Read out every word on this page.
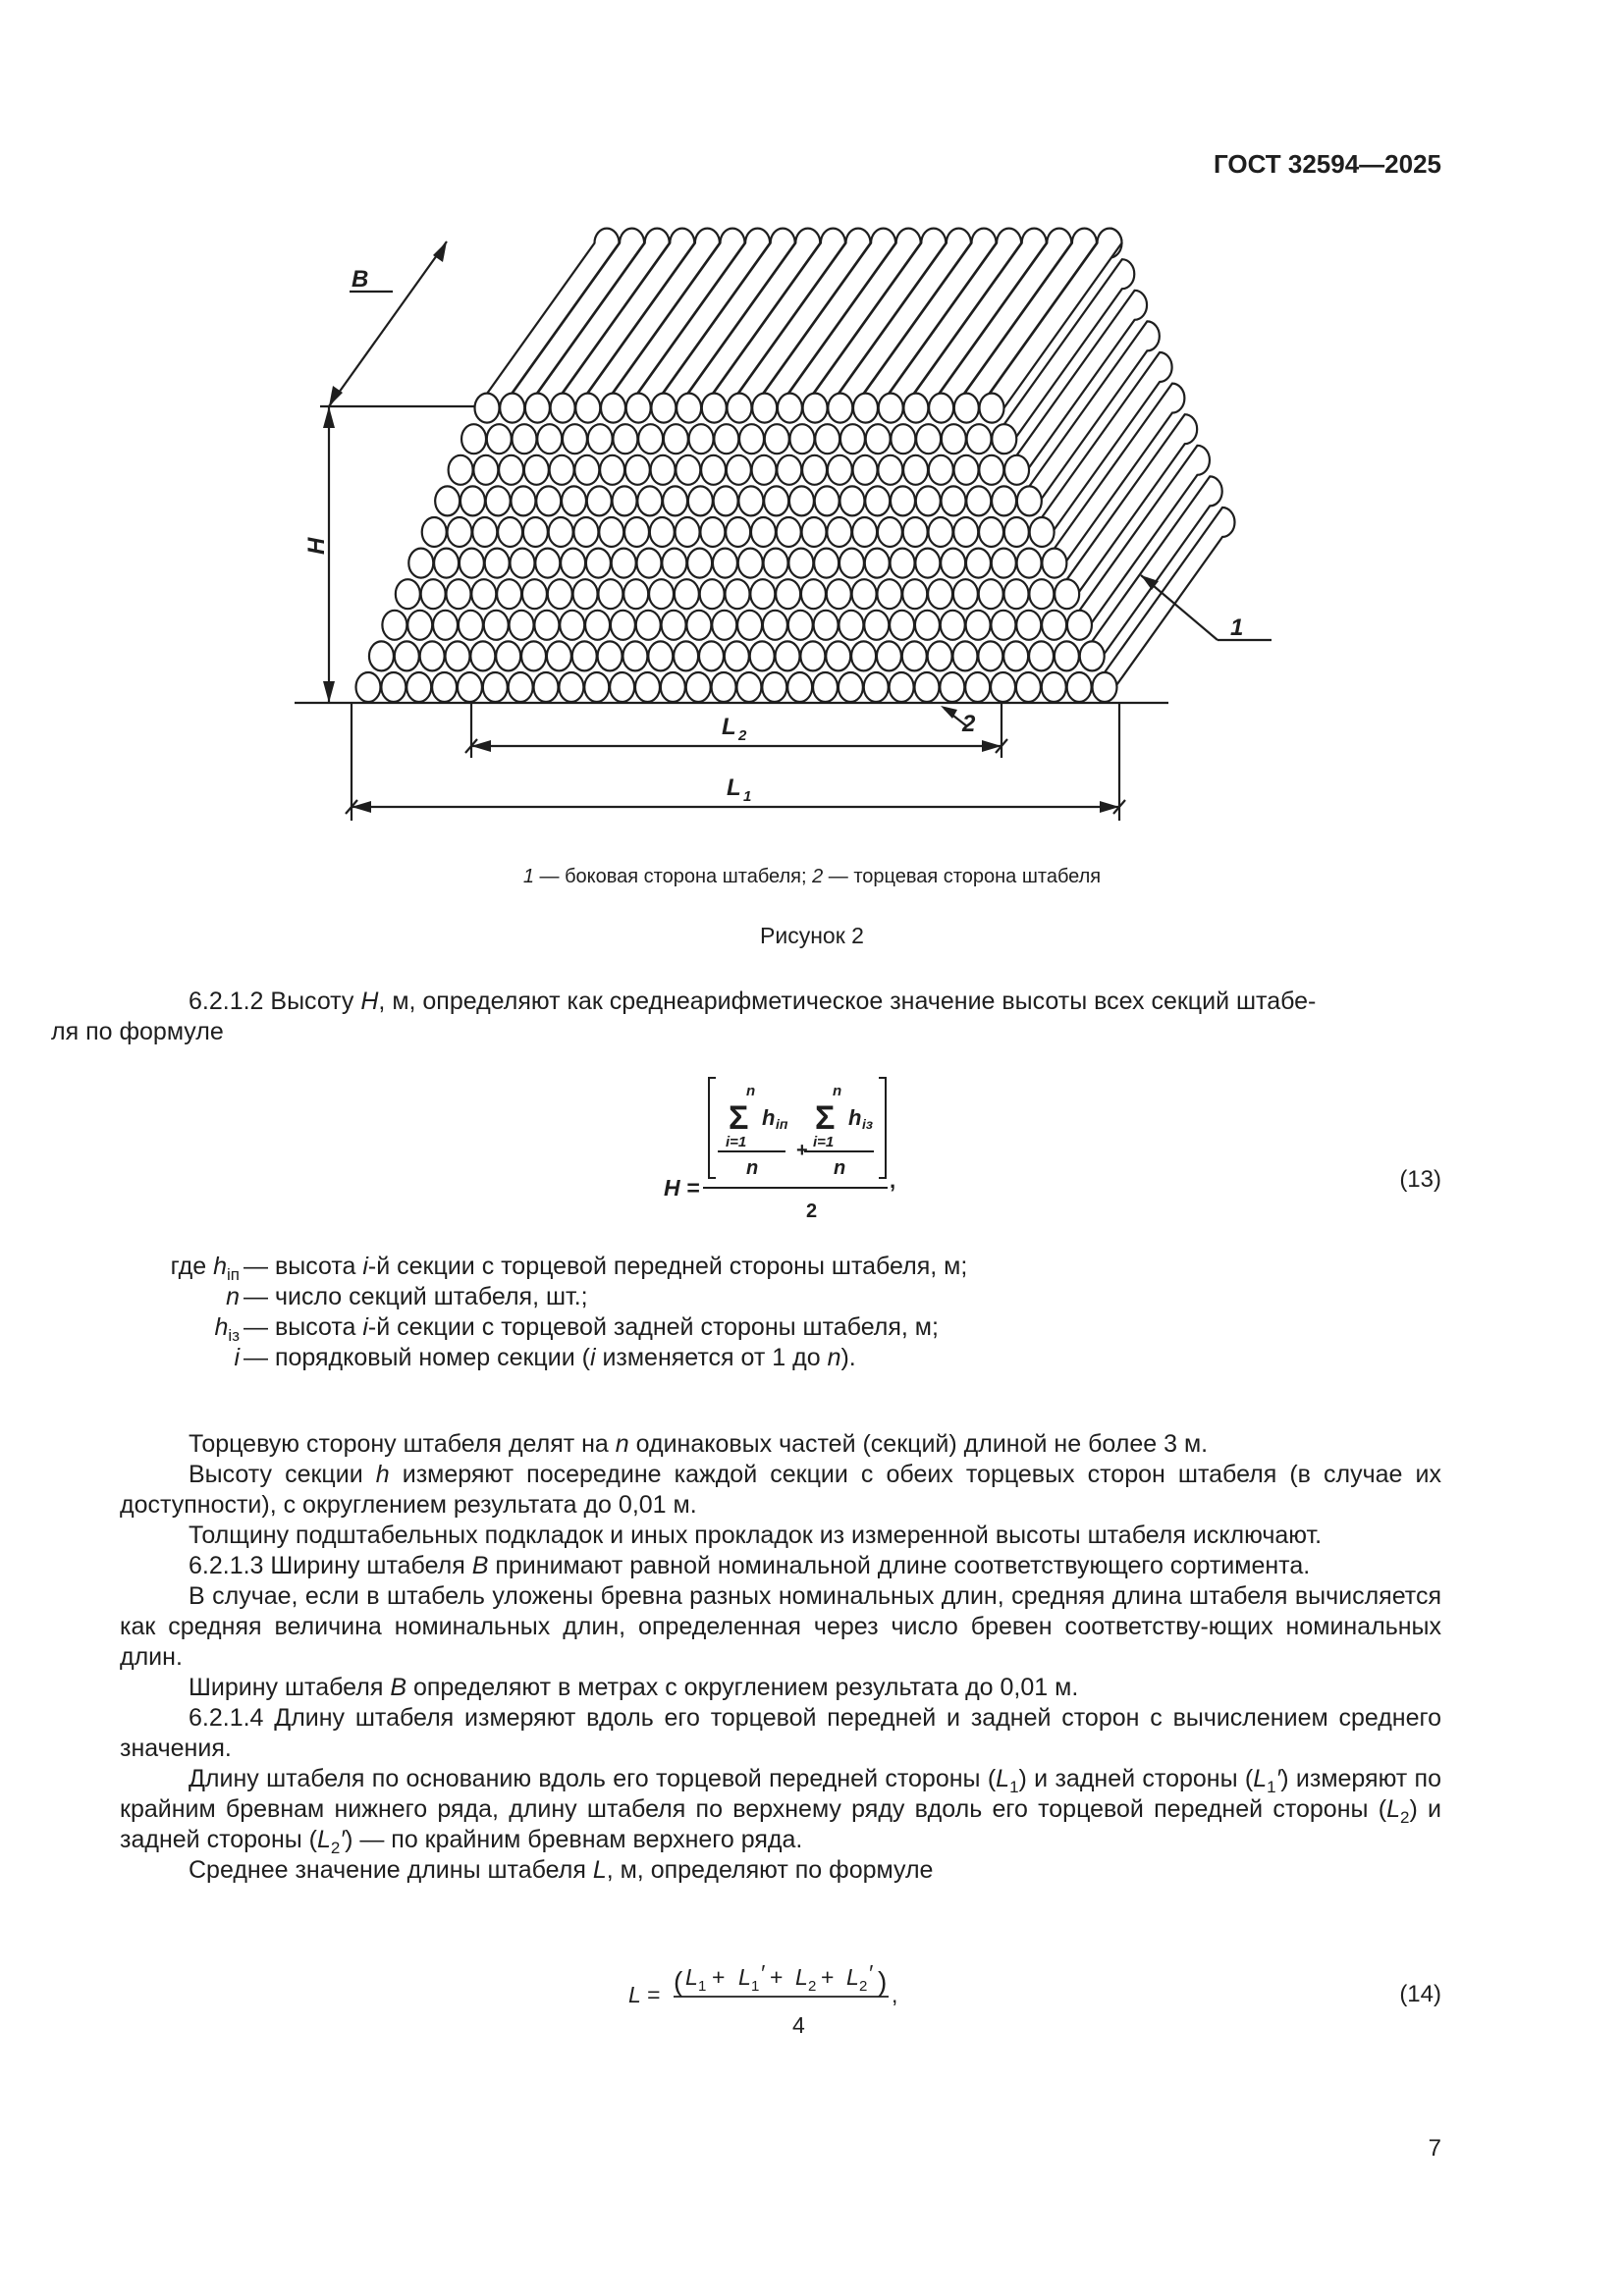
ГОСТ 32594—2025
B
H
L 2
L 1
1
2
1 — боковая сторона штабеля; 2 — торцевая сторона штабеля
Рисунок 2

6.2.1.2 Высоту H, м, определяют как среднеарифметическое значение высоты всех секций штабе-
ля по формуле

H =
n
Σ
i=1
h iп
n
+
n
Σ
i=1
h iз
n
2
,	(13)
где $h_{iп}$ — высота i-й секции с торцевой передней стороны штабеля, м;
n — число секций штабеля, шт.;
$h_{iз}$ — высота i-й секции с торцевой задней стороны штабеля, м;
i — порядковый номер секции (i изменяется от 1 до n).

Торцевую сторону штабеля делят на n одинаковых частей (секций) длиной не более 3 м.

Высоту секции h измеряют посередине каждой секции с обеих торцевых сторон штабеля (в случае их доступности), с округлением результата до 0,01 м.

Толщину подштабельных подкладок и иных прокладок из измеренной высоты штабеля исключают.

6.2.1.3 Ширину штабеля B принимают равной номинальной длине соответствующего сортимента.

В случае, если в штабель уложены бревна разных номинальных длин, средняя длина штабеля вычисляется как средняя величина номинальных длин, определенная через число бревен соответству-ющих номинальных длин.

Ширину штабеля B определяют в метрах с округлением результата до 0,01 м.

6.2.1.4 Длину штабеля измеряют вдоль его торцевой передней и задней сторон с вычислением среднего значения.

Длину штабеля по основанию вдоль его торцевой передней стороны $(L_1)$ и задней стороны $(L_1')$ измеряют по крайним бревнам нижнего ряда, длину штабеля по верхнему ряду вдоль его торцевой передней стороны $(L_2)$ и задней стороны $(L_2')$ — по крайним бревнам верхнего ряда.

Среднее значение длины штабеля L, м, определяют по формуле

L = ( L 1 + L 1
′ + L 2 + L 2
′ )
4
,	(14)
7
